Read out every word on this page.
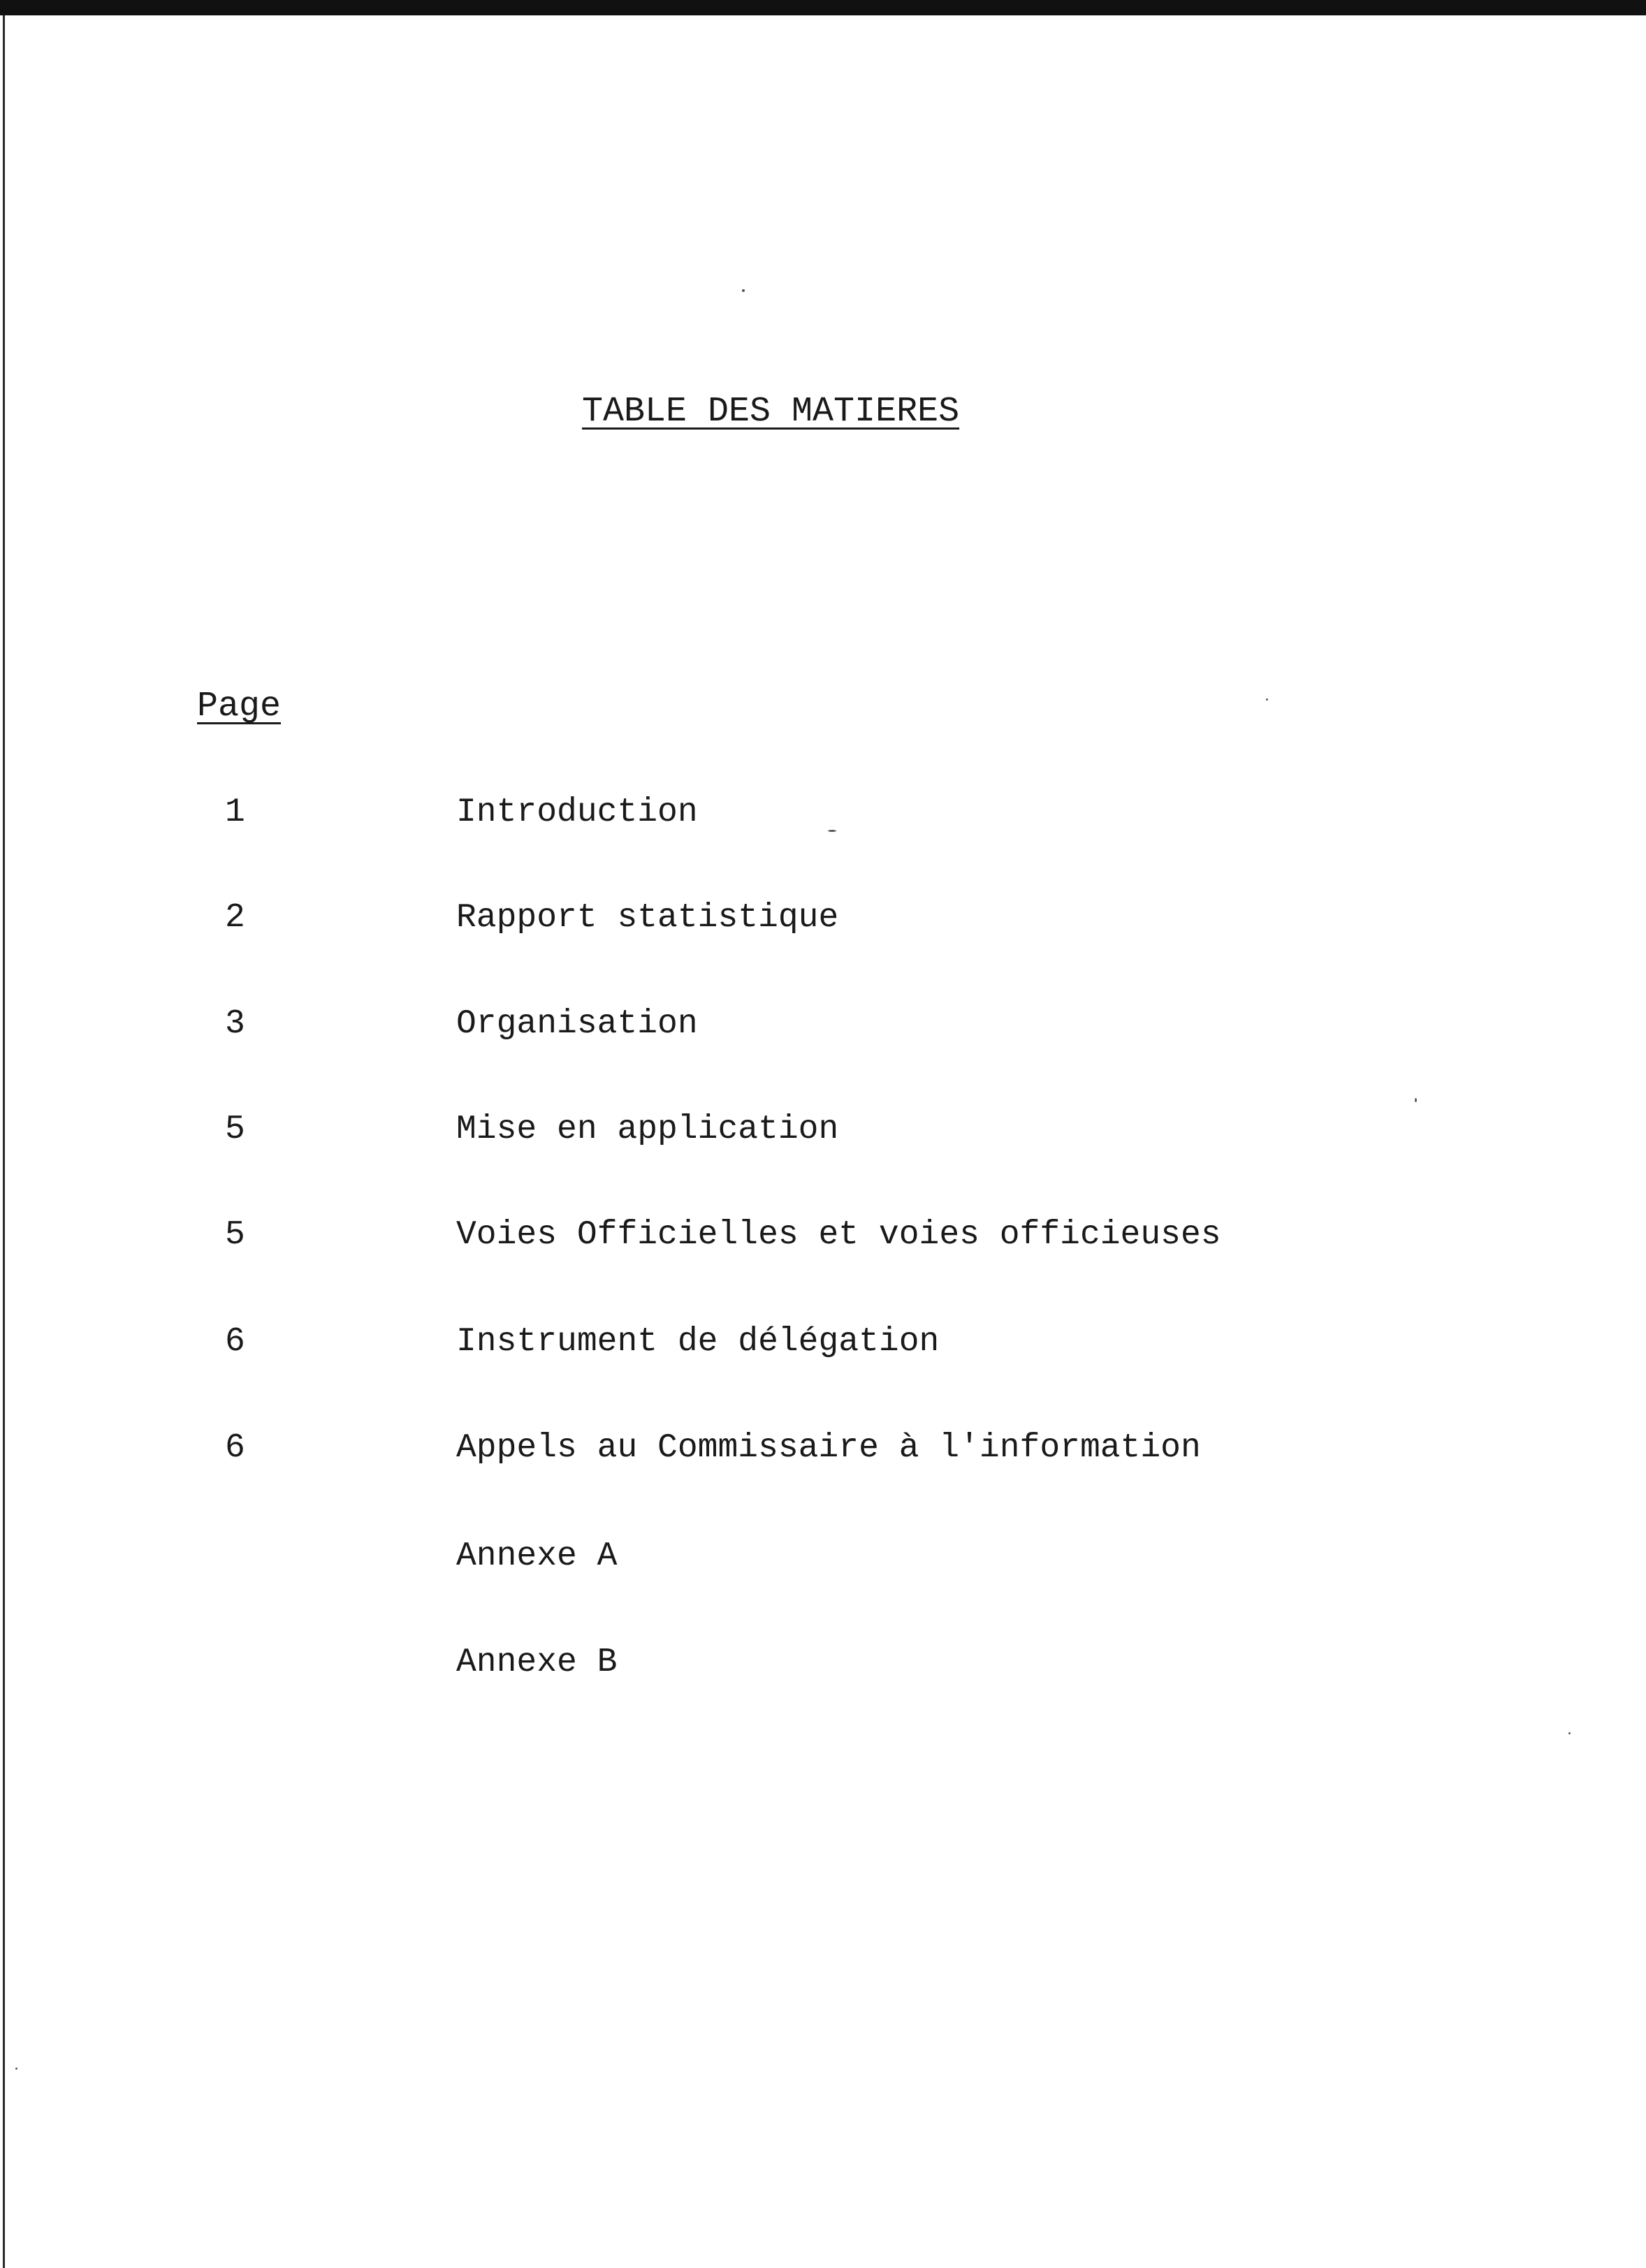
TABLE DES MATIERES
Page
1	Introduction
2	Rapport statistique
3	Organisation
5	Mise en application
5	Voies Officielles et voies officieuses
6	Instrument de délégation
6	Appels au Commissaire à l'information
Annexe A
Annexe B
